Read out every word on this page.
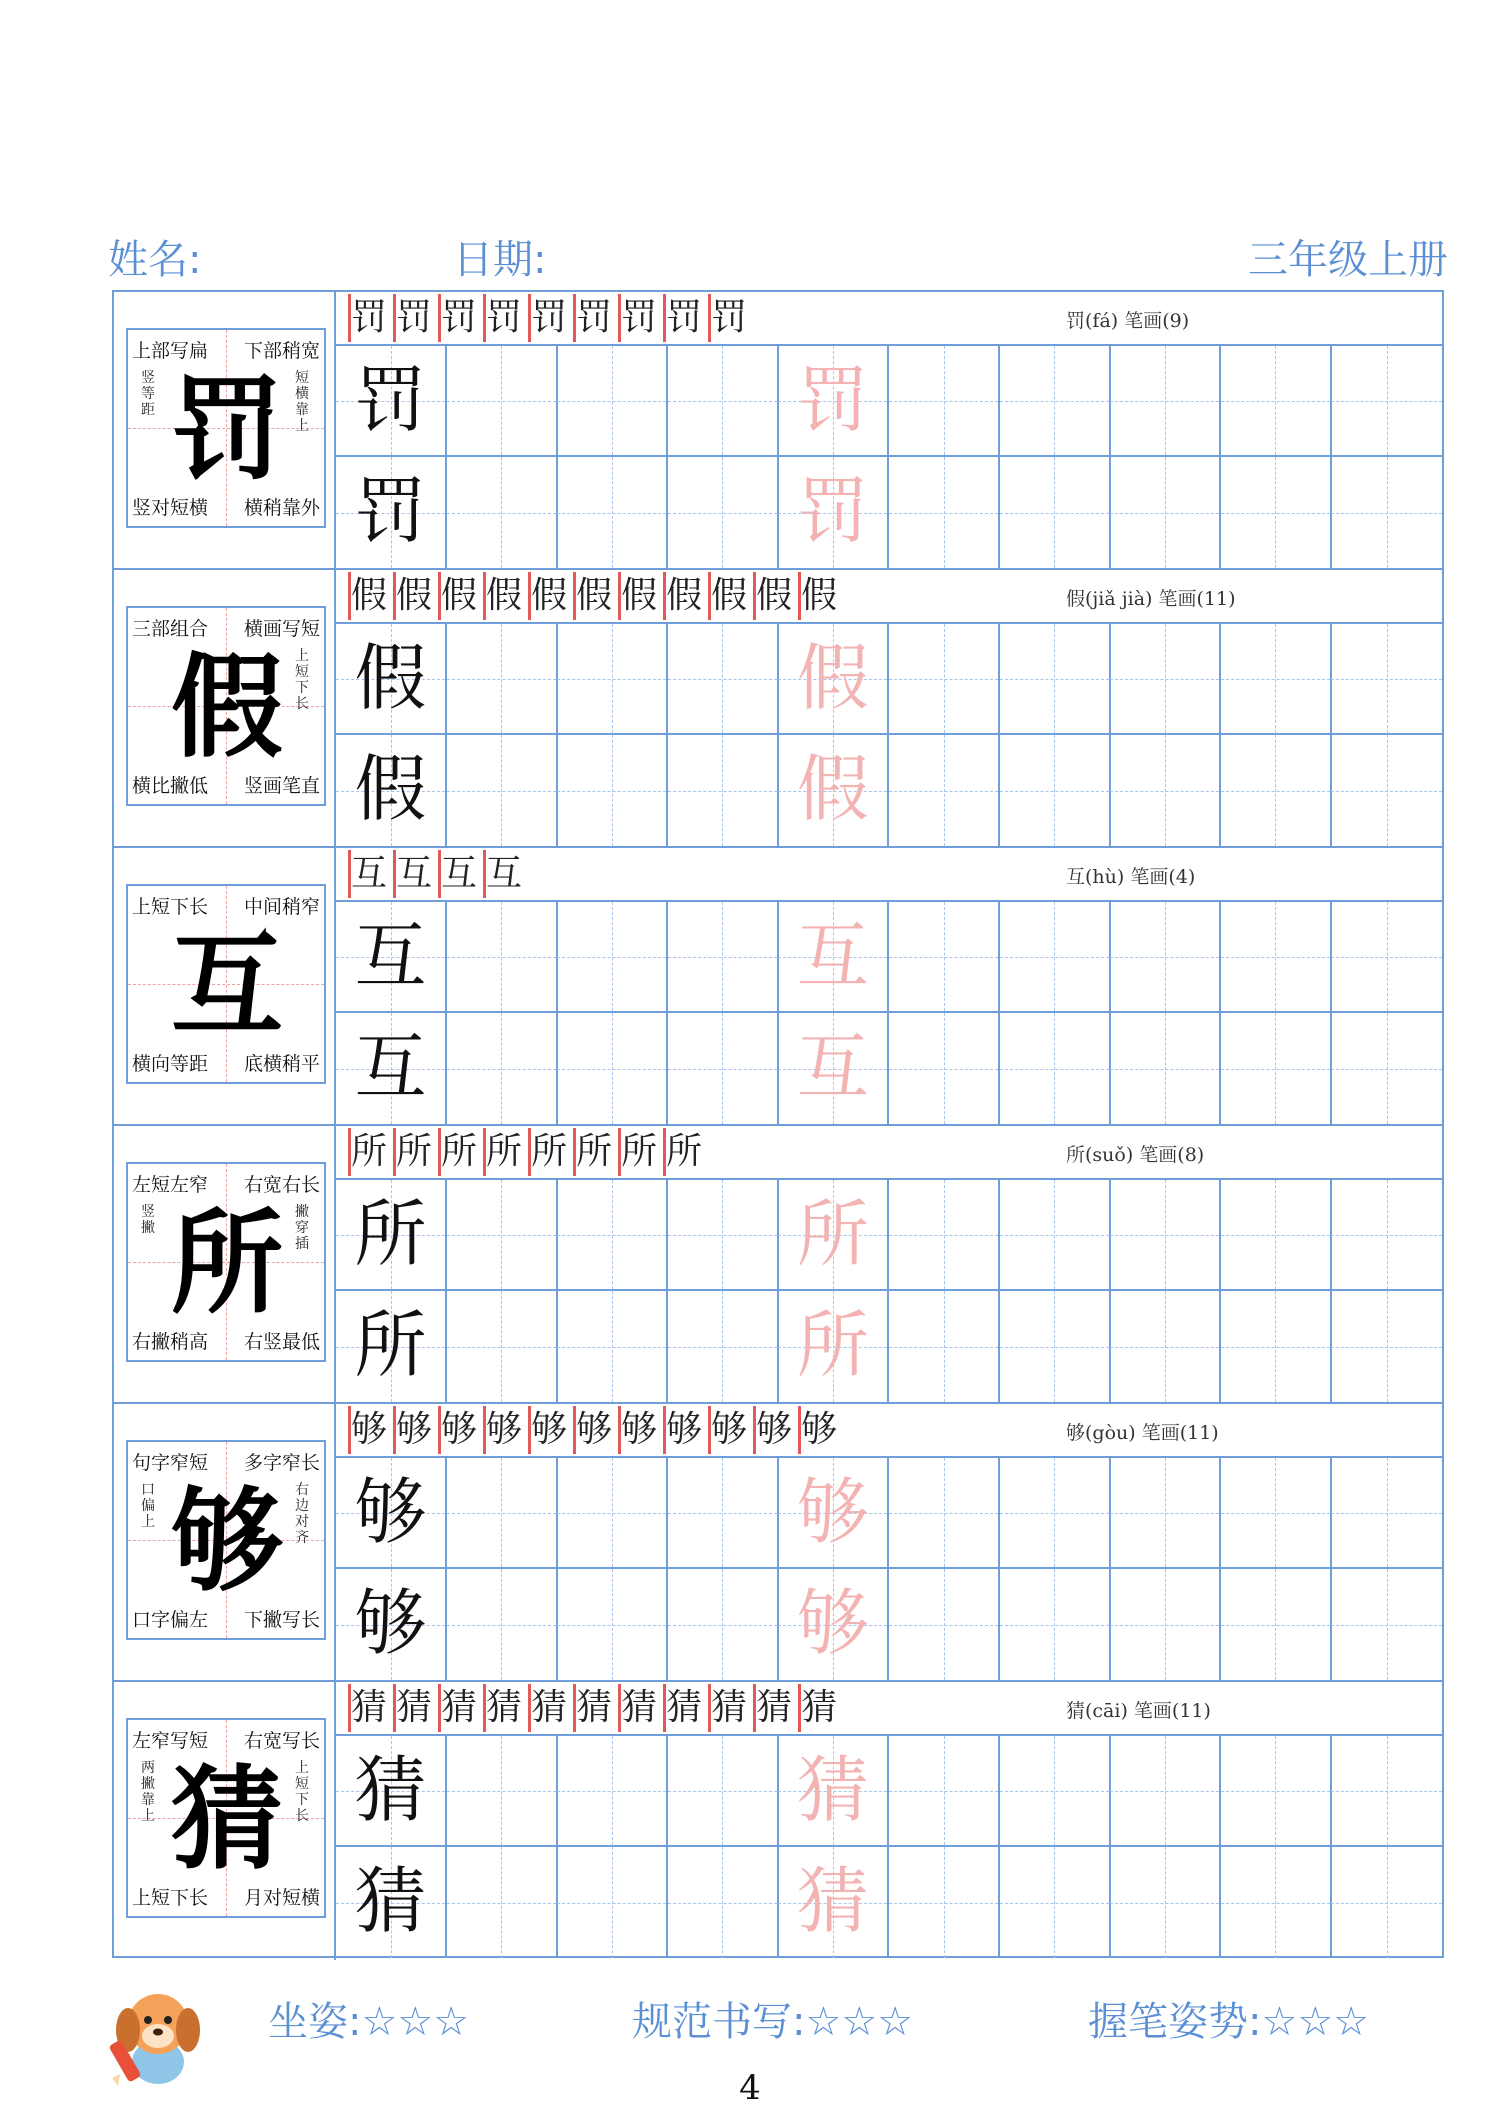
姓名:	日期:	三年级上册
上部写扁 下部稍宽
竖对短横 横稍靠外
罚
竖等距
短横靠上
罚 罚 罚 罚 罚 罚 罚 罚 罚	罚(fá) 笔画(9)
罚	罚
罚	罚
三部组合 横画写短
横比撇低 竖画笔直
假 上短下长
假 假 假 假 假 假 假 假 假 假 假	假(jiǎ jià) 笔画(11)
假	假
假	假
上短下长 中间稍窄
横向等距 底横稍平
互
互 互 互 互	互(hù) 笔画(4)
互	互
互	互
左短左窄 右宽右长
右撇稍高 右竖最低
所
竖撇
撇穿插
所 所 所 所 所 所 所 所	所(suǒ) 笔画(8)
所	所
所	所
句字窄短 多字窄长
口字偏左 下撇写长
够
口偏上
右边对齐
够 够 够 够 够 够 够 够 够 够 够	够(gòu) 笔画(11)
够	够
够	够
左窄写短 右宽写长
上短下长 月对短横
猜
两撇靠上
上短下长
猜 猜 猜 猜 猜 猜 猜 猜 猜 猜 猜	猜(cāi) 笔画(11)
猜	猜
猜	猜
坐姿:☆☆☆	规范书写:☆☆☆	握笔姿势:☆☆☆
4
